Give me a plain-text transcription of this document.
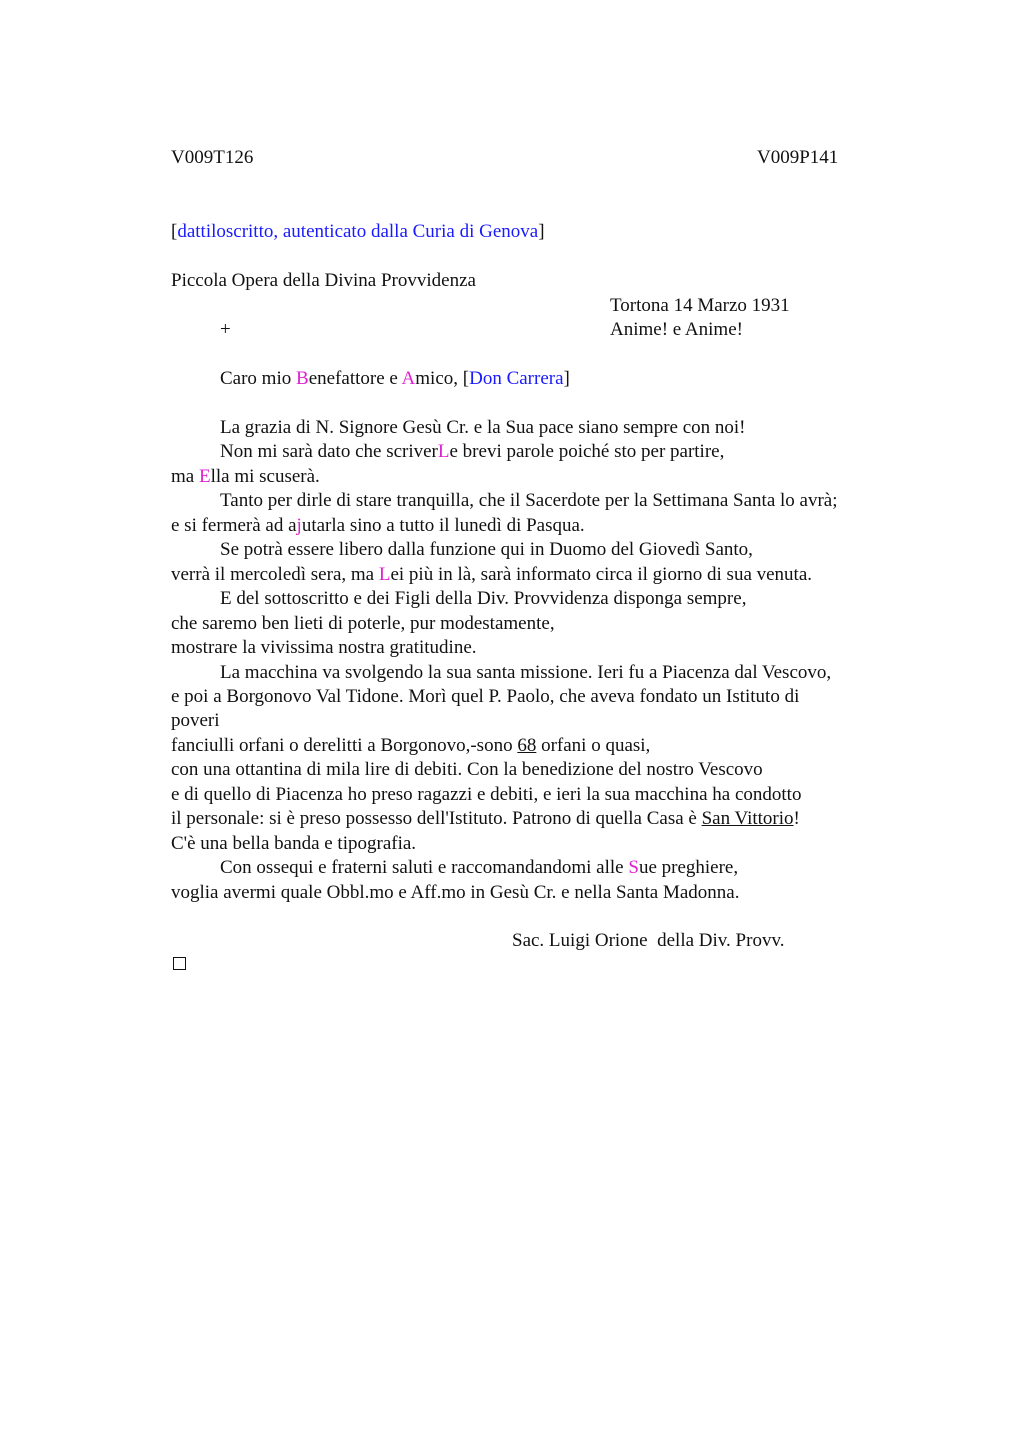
V009T126	V009P141
[dattiloscritto, autenticato dalla Curia di Genova]
Piccola Opera della Divina Provvidenza
Tortona 14 Marzo 1931
+	Anime! e Anime!
Caro mio Benefattore e Amico, [Don Carrera]
La grazia di N. Signore Gesù Cr. e la Sua pace siano sempre con noi!
Non mi sarà dato che scriverLe brevi parole poiché sto per partire,
ma Ella mi scuserà.
Tanto per dirle di stare tranquilla, che il Sacerdote per la Settimana Santa lo avrà;
e si fermerà ad ajutarla sino a tutto il lunedì di Pasqua.
Se potrà essere libero dalla funzione qui in Duomo del Giovedì Santo,
verrà il mercoledì sera, ma Lei più in là, sarà informato circa il giorno di sua venuta.
E del sottoscritto e dei Figli della Div. Provvidenza disponga sempre,
che saremo ben lieti di poterle, pur modestamente,
mostrare la vivissima nostra gratitudine.
La macchina va svolgendo la sua santa missione. Ieri fu a Piacenza dal Vescovo,
e poi a Borgonovo Val Tidone. Morì quel P. Paolo, che aveva fondato un Istituto di
poveri
fanciulli orfani o derelitti a Borgonovo,-sono 68 orfani o quasi,
con una ottantina di mila lire di debiti. Con la benedizione del nostro Vescovo
e di quello di Piacenza ho preso ragazzi e debiti, e ieri la sua macchina ha condotto
il personale: si è preso possesso dell'Istituto. Patrono di quella Casa è San Vittorio!
C'è una bella banda e tipografia.
Con ossequi e fraterni saluti e raccomandandomi alle Sue preghiere,
voglia avermi quale Obbl.mo e Aff.mo in Gesù Cr. e nella Santa Madonna.
Sac. Luigi Orione  della Div. Provv.
